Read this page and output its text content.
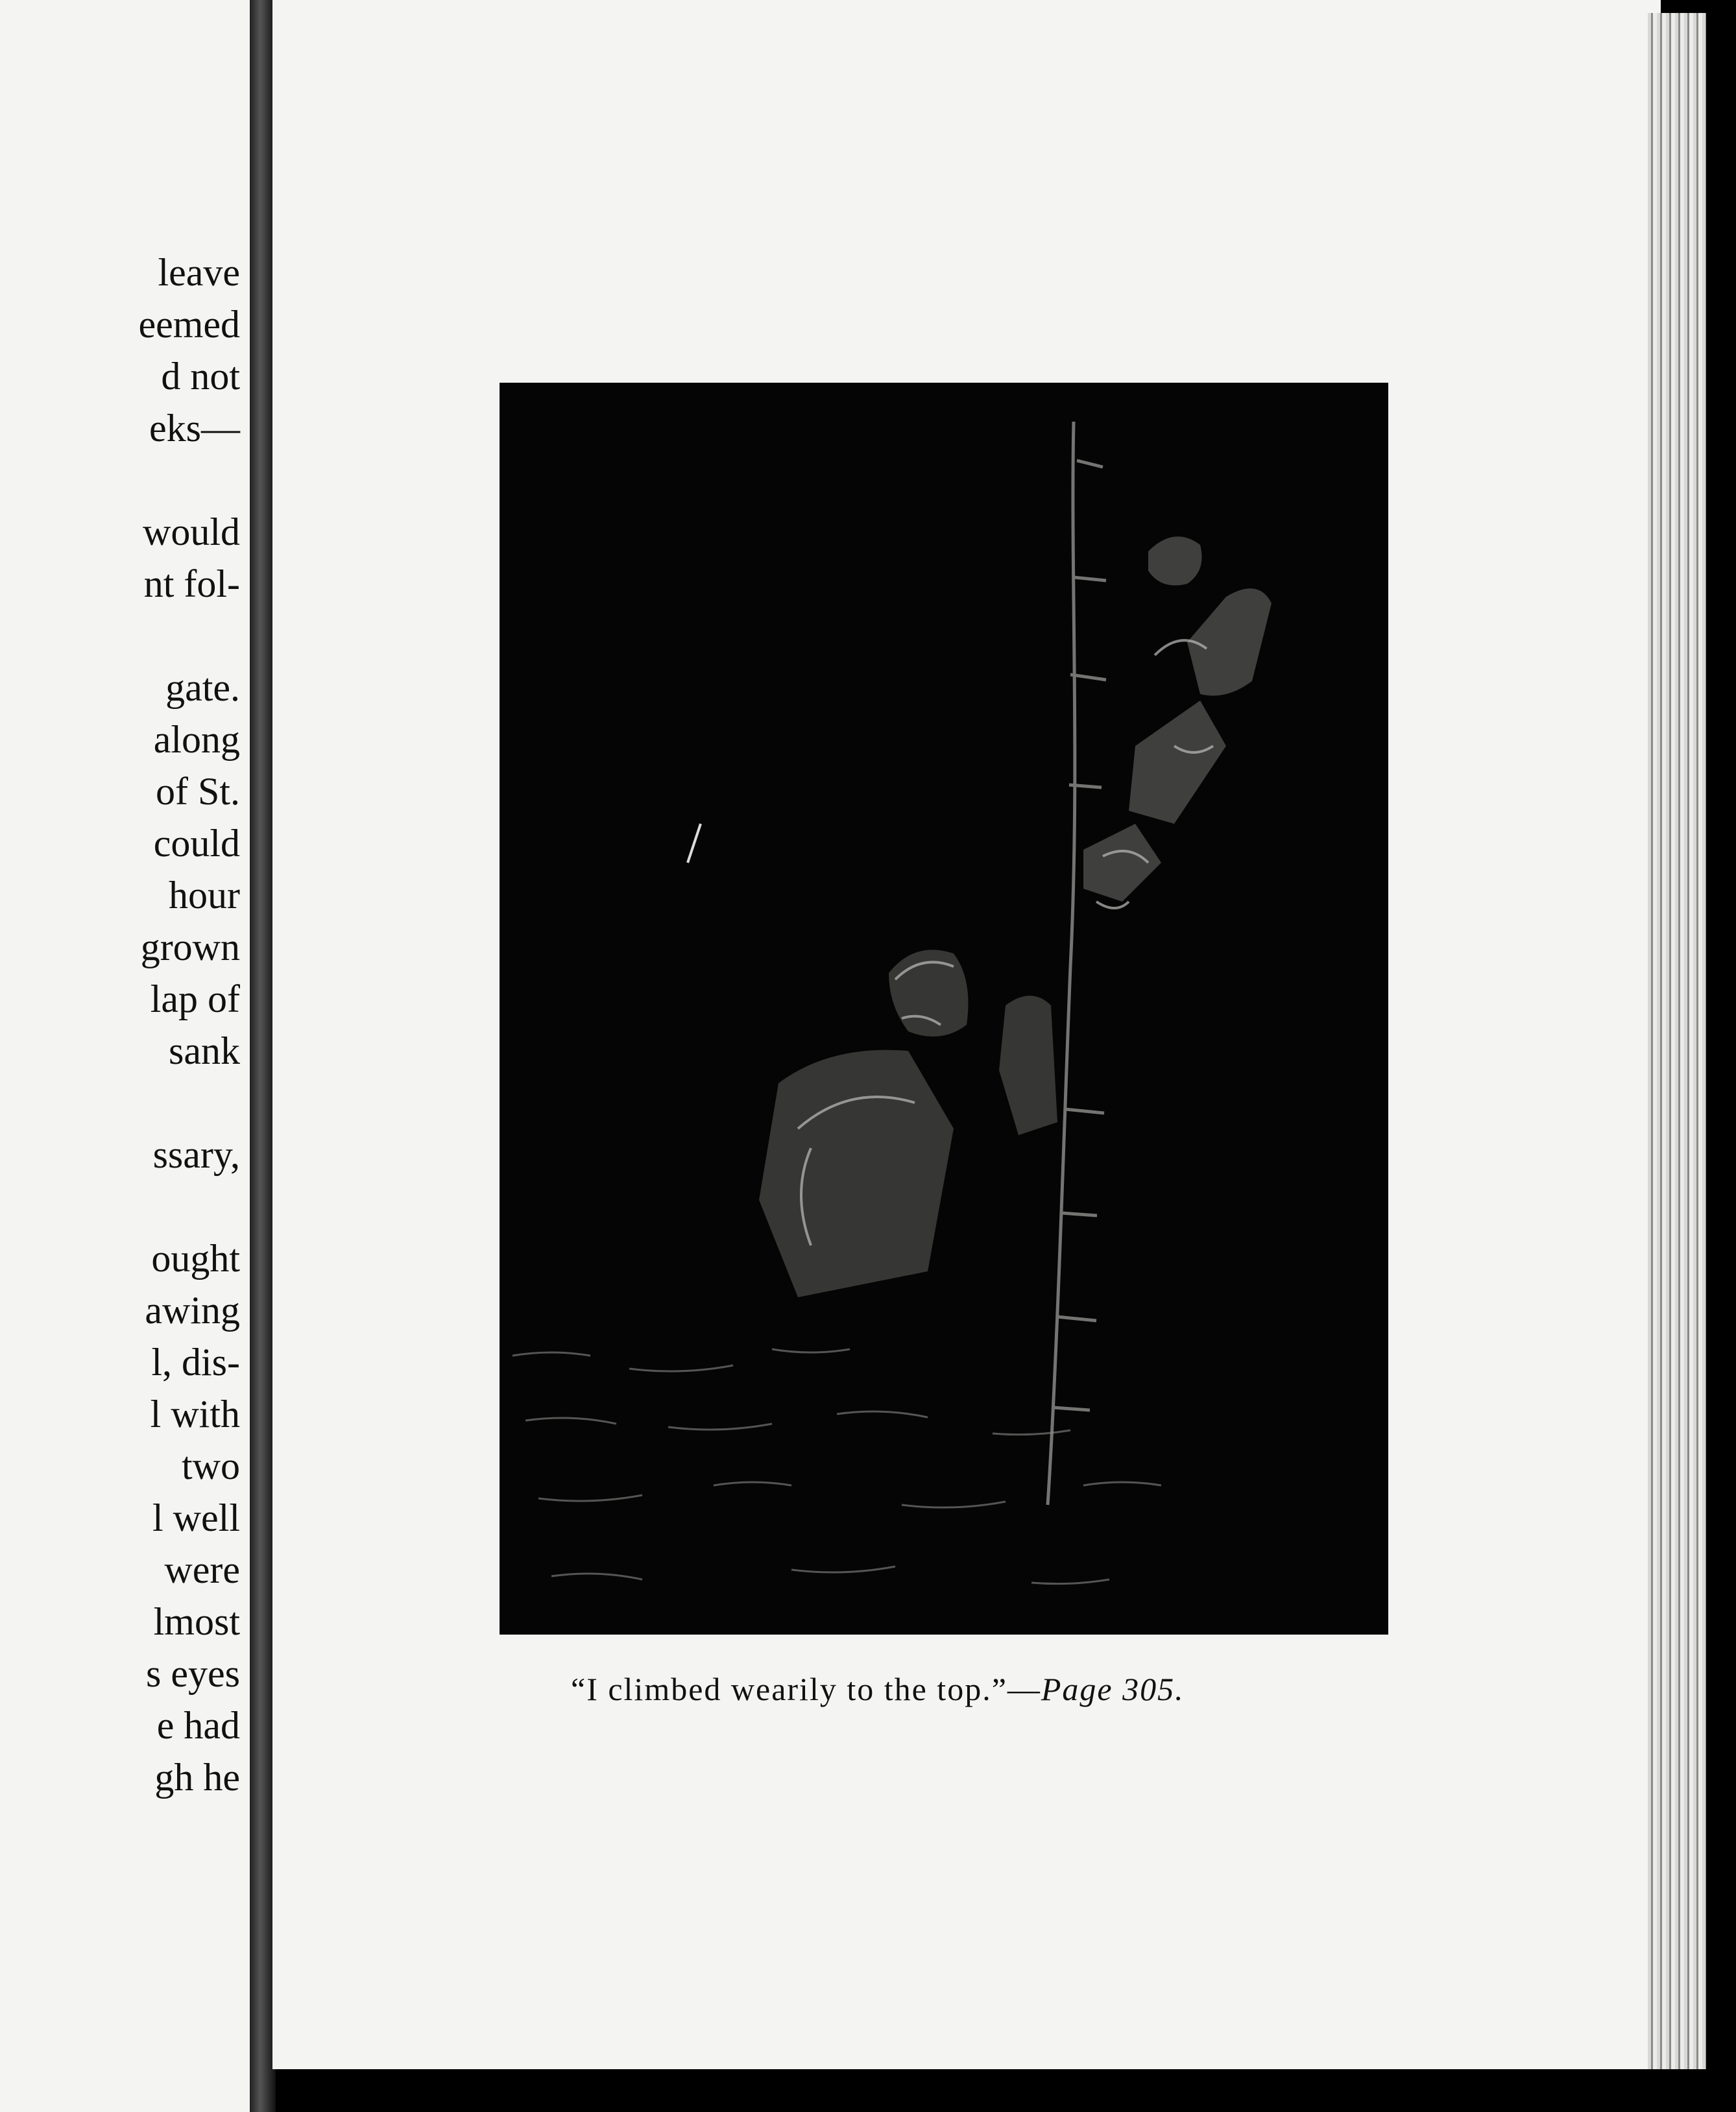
leave
eemed
d not
eks—
would
nt fol-
gate.
along
of St.
could
hour
grown
lap of
sank
ssary,
ought
awing
l, dis-
l with
two
l well
were
lmost
s eyes
e had
gh he
“I climbed wearily to the top.”—Page 305.
